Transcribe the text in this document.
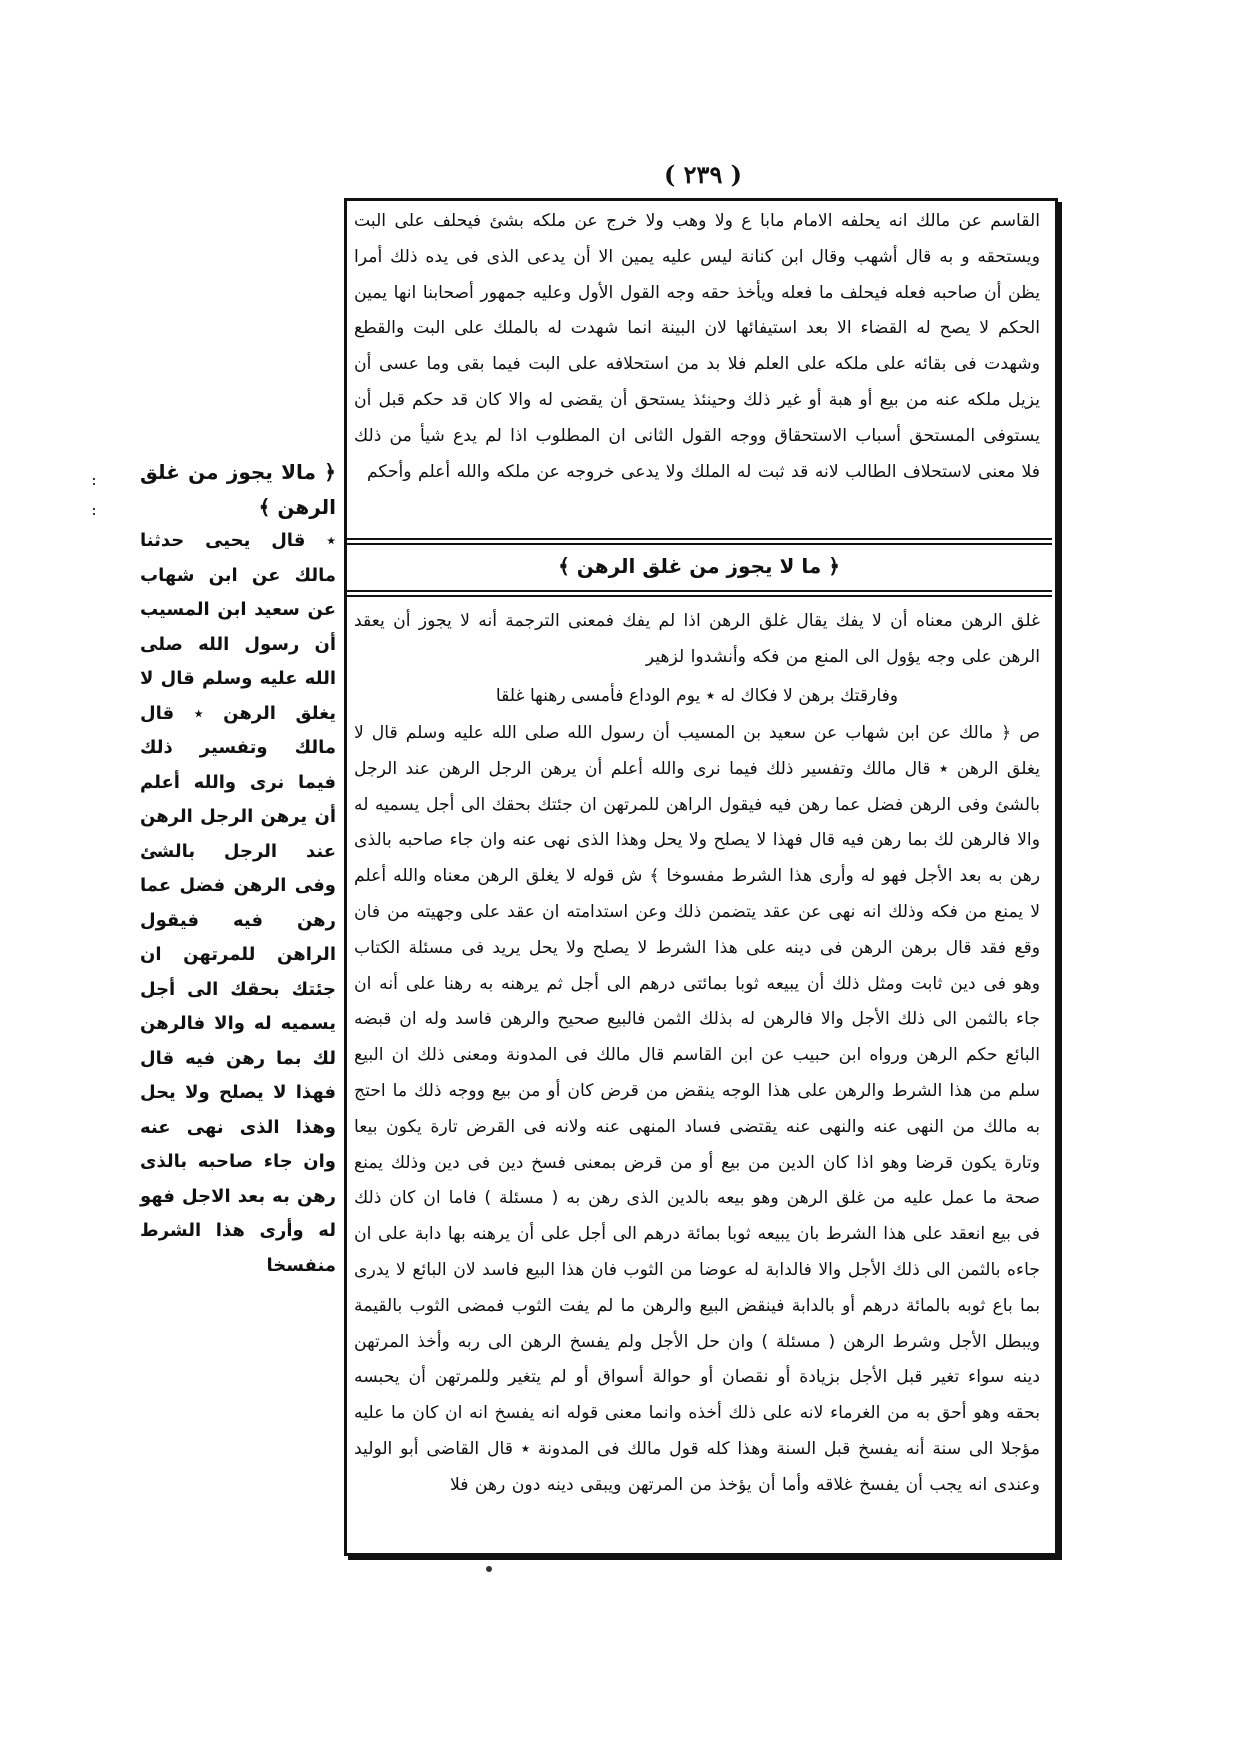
( ٢٣٩ )
القاسم عن مالك انه يحلفه الامام مابا ع ولا وهب ولا خرج عن ملكه بشئ فيحلف على البت ويستحقه و به قال أشهب وقال ابن كنانة ليس عليه يمين الا أن يدعى الذى فى يده ذلك أمرا يظن أن صاحبه فعله فيحلف ما فعله ويأخذ حقه وجه القول الأول وعليه جمهور أصحابنا انها يمين الحكم لا يصح له القضاء الا بعد استيفائها لان البينة انما شهدت له بالملك على البت والقطع وشهدت فى بقائه على ملكه على العلم فلا بد من استحلافه على البت فيما بقى وما عسى أن يزيل ملكه عنه من بيع أو هبة أو غير ذلك وحينئذ يستحق أن يقضى له والا كان قد حكم قبل أن يستوفى المستحق أسباب الاستحقاق ووجه القول الثانى ان المطلوب اذا لم يدع شيأ من ذلك فلا معنى لاستحلاف الطالب لانه قد ثبت له الملك ولا يدعى خروجه عن ملكه والله أعلم وأحكم
﴿ ما لا يجوز من غلق الرهن ﴾
غلق الرهن معناه أن لا يفك يقال غلق الرهن اذا لم يفك فمعنى الترجمة أنه لا يجوز أن يعقد الرهن على وجه يؤول الى المنع من فكه وأنشدوا لزهير
وفارقتك برهن لا فكاك له ٭ يوم الوداع فأمسى رهنها غلقا
ص ﴿ مالك عن ابن شهاب عن سعيد بن المسيب أن رسول الله صلى الله عليه وسلم قال لا يغلق الرهن ٭ قال مالك وتفسير ذلك فيما نرى والله أعلم أن يرهن الرجل الرهن عند الرجل بالشئ وفى الرهن فضل عما رهن فيه فيقول الراهن للمرتهن ان جئتك بحقك الى أجل يسميه له والا فالرهن لك بما رهن فيه قال فهذا لا يصلح ولا يحل وهذا الذى نهى عنه وان جاء صاحبه بالذى رهن به بعد الأجل فهو له وأرى هذا الشرط مفسوخا ﴾ ش قوله لا يغلق الرهن معناه والله أعلم لا يمنع من فكه وذلك انه نهى عن عقد يتضمن ذلك وعن استدامته ان عقد على وجهيته من فان وقع فقد قال برهن الرهن فى دينه على هذا الشرط لا يصلح ولا يحل يريد فى مسئلة الكتاب وهو فى دين ثابت ومثل ذلك أن يبيعه ثوبا بمائتى درهم الى أجل ثم يرهنه به رهنا على أنه ان جاء بالثمن الى ذلك الأجل والا فالرهن له بذلك الثمن فالبيع صحيح والرهن فاسد وله ان قبضه البائع حكم الرهن ورواه ابن حبيب عن ابن القاسم قال مالك فى المدونة ومعنى ذلك ان البيع سلم من هذا الشرط والرهن على هذا الوجه ينقض من قرض كان أو من بيع ووجه ذلك ما احتج به مالك من النهى عنه والنهى عنه يقتضى فساد المنهى عنه ولانه فى القرض تارة يكون بيعا وتارة يكون قرضا وهو اذا كان الدين من بيع أو من قرض بمعنى فسخ دين فى دين وذلك يمنع صحة ما عمل عليه من غلق الرهن وهو بيعه بالدين الذى رهن به ( مسئلة ) فاما ان كان ذلك فى بيع انعقد على هذا الشرط بان يبيعه ثوبا بمائة درهم الى أجل على أن يرهنه بها دابة على ان جاءه بالثمن الى ذلك الأجل والا فالدابة له عوضا من الثوب فان هذا البيع فاسد لان البائع لا يدرى بما باع ثوبه بالمائة درهم أو بالدابة فينقض البيع والرهن ما لم يفت الثوب فمضى الثوب بالقيمة ويبطل الأجل وشرط الرهن ( مسئلة ) وان حل الأجل ولم يفسخ الرهن الى ربه وأخذ المرتهن دينه سواء تغير قبل الأجل بزيادة أو نقصان أو حوالة أسواق أو لم يتغير وللمرتهن أن يحبسه بحقه وهو أحق به من الغرماء لانه على ذلك أخذه وانما معنى قوله انه يفسخ انه ان كان ما عليه مؤجلا الى سنة أنه يفسخ قبل السنة وهذا كله قول مالك فى المدونة ٭ قال القاضى أبو الوليد وعندى انه يجب أن يفسخ غلاقه وأما أن يؤخذ من المرتهن ويبقى دينه دون رهن فلا
﴿ مالا يجوز من غلق الرهن ﴾
٭ قال يحيى حدثنا مالك عن ابن شهاب عن سعيد ابن المسيب أن رسول الله صلى الله عليه وسلم قال لا يغلق الرهن ٭ قال مالك وتفسير ذلك فيما نرى والله أعلم أن يرهن الرجل الرهن عند الرجل بالشئ وفى الرهن فضل عما رهن فيه فيقول الراهن للمرتهن ان جئتك بحقك الى أجل يسميه له والا فالرهن لك بما رهن فيه قال فهذا لا يصلح ولا يحل وهذا الذى نهى عنه وان جاء صاحبه بالذى رهن به بعد الاجل فهو له وأرى هذا الشرط منفسخا
:
:
